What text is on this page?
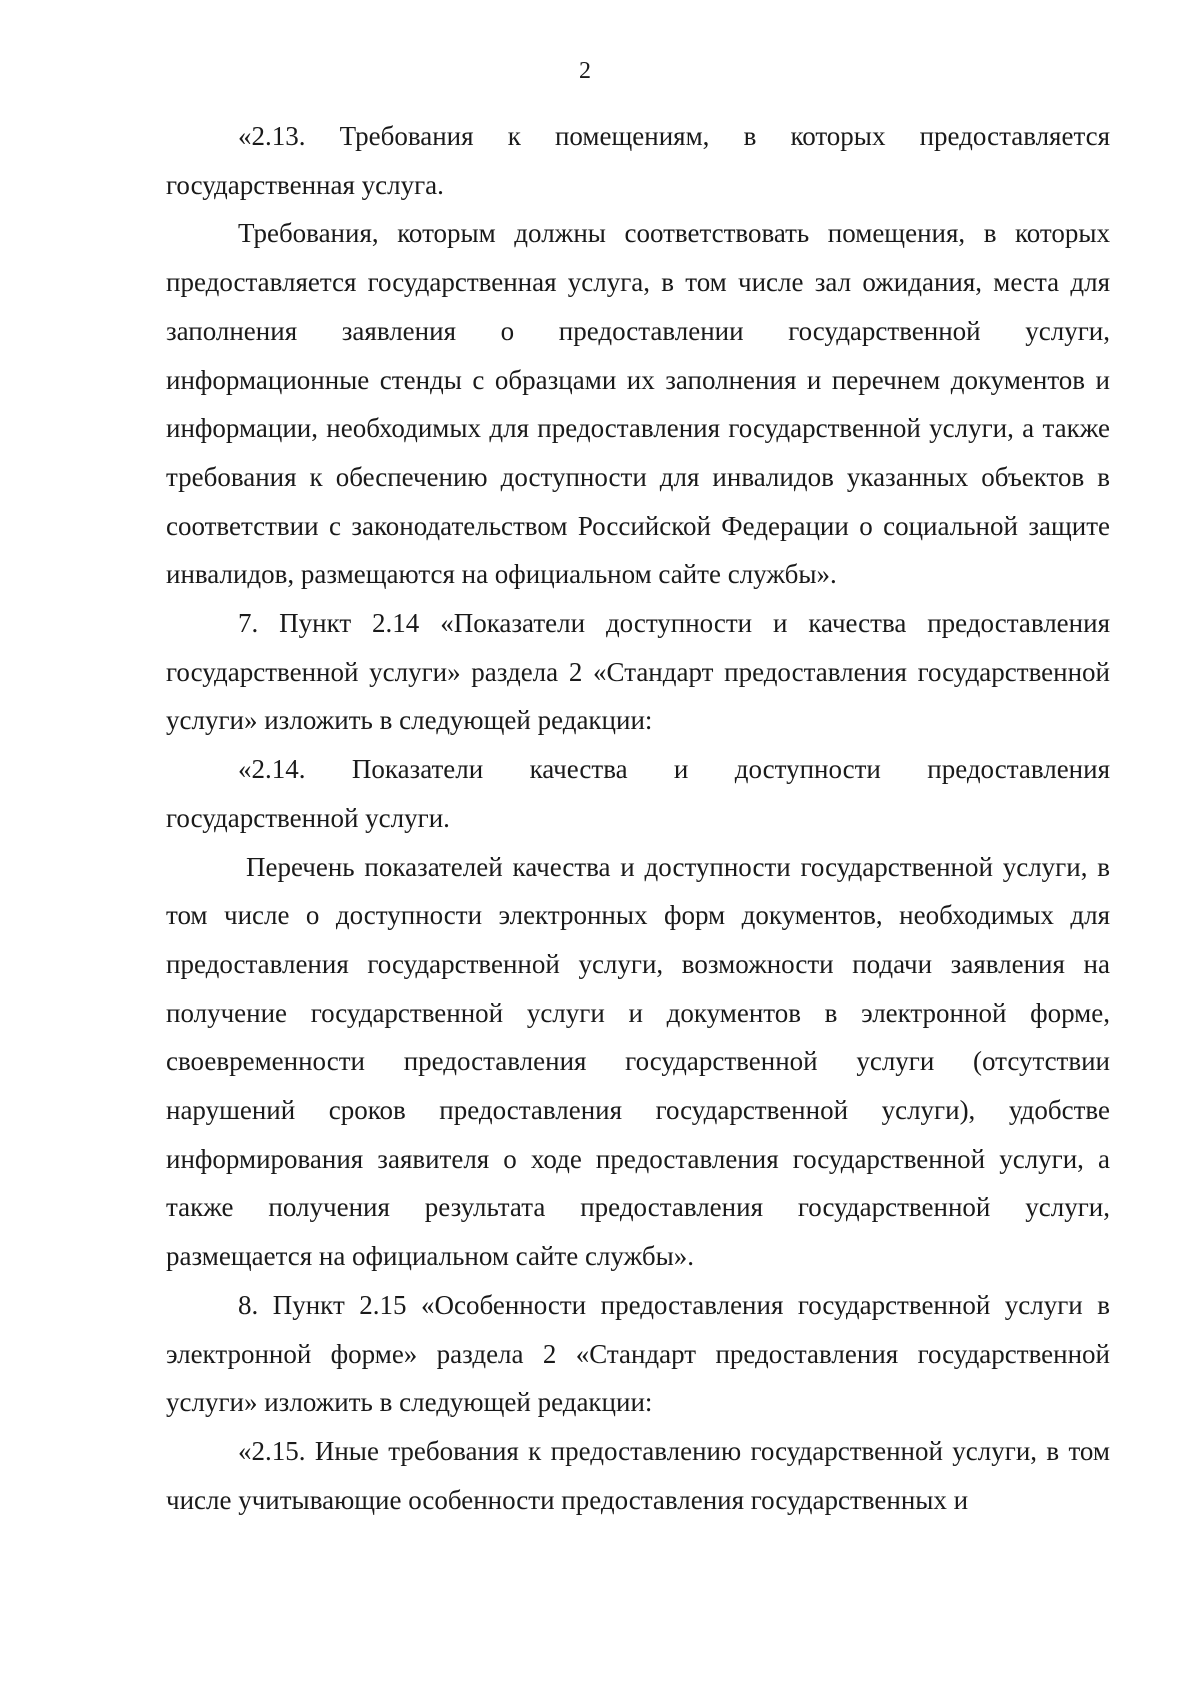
2

«2.13. Требования к помещениям, в которых предоставляется государственная услуга.

Требования, которым должны соответствовать помещения, в которых предоставляется государственная услуга, в том числе зал ожидания, места для заполнения заявления о предоставлении государственной услуги, информационные стенды с образцами их заполнения и перечнем документов и информации, необходимых для предоставления государственной услуги, а также требования к обеспечению доступности для инвалидов указанных объектов в соответствии с законодательством Российской Федерации о социальной защите инвалидов, размещаются на официальном сайте службы».

7. Пункт 2.14 «Показатели доступности и качества предоставления государственной услуги» раздела 2 «Стандарт предоставления государственной услуги» изложить в следующей редакции:

«2.14. Показатели качества и доступности предоставления государственной услуги.

Перечень показателей качества и доступности государственной услуги, в том числе о доступности электронных форм документов, необходимых для предоставления государственной услуги, возможности подачи заявления на получение государственной услуги и документов в электронной форме, своевременности предоставления государственной услуги (отсутствии нарушений сроков предоставления государственной услуги), удобстве информирования заявителя о ходе предоставления государственной услуги, а также получения результата предоставления государственной услуги, размещается на официальном сайте службы».

8. Пункт 2.15 «Особенности предоставления государственной услуги в электронной форме» раздела 2 «Стандарт предоставления государственной услуги» изложить в следующей редакции:

«2.15. Иные требования к предоставлению государственной услуги, в том числе учитывающие особенности предоставления государственных и
